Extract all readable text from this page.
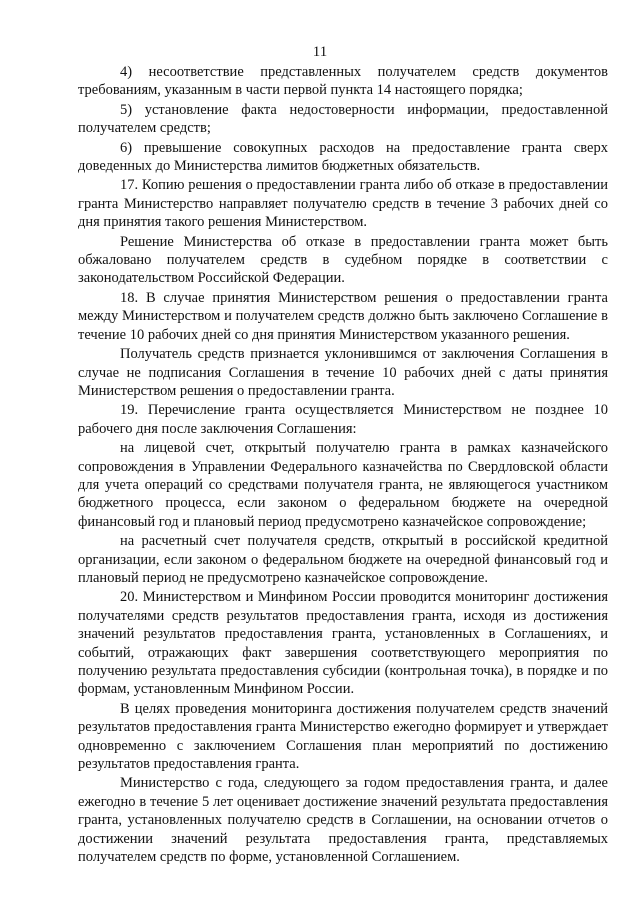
11

4) несоответствие представленных получателем средств документов требованиям, указанным в части первой пункта 14 настоящего порядка;

5) установление факта недостоверности информации, предоставленной получателем средств;

6) превышение совокупных расходов на предоставление гранта сверх доведенных до Министерства лимитов бюджетных обязательств.

17. Копию решения о предоставлении гранта либо об отказе в предоставлении гранта Министерство направляет получателю средств в течение 3 рабочих дней со дня принятия такого решения Министерством.

Решение Министерства об отказе в предоставлении гранта может быть обжаловано получателем средств в судебном порядке в соответствии с законодательством Российской Федерации.

18. В случае принятия Министерством решения о предоставлении гранта между Министерством и получателем средств должно быть заключено Соглашение в течение 10 рабочих дней со дня принятия Министерством указанного решения.

Получатель средств признается уклонившимся от заключения Соглашения в случае не подписания Соглашения в течение 10 рабочих дней с даты принятия Министерством решения о предоставлении гранта.

19. Перечисление гранта осуществляется Министерством не позднее 10 рабочего дня после заключения Соглашения:

на лицевой счет, открытый получателю гранта в рамках казначейского сопровождения в Управлении Федерального казначейства по Свердловской области для учета операций со средствами получателя гранта, не являющегося участником бюджетного процесса, если законом о федеральном бюджете на очередной финансовый год и плановый период предусмотрено казначейское сопровождение;

на расчетный счет получателя средств, открытый в российской кредитной организации, если законом о федеральном бюджете на очередной финансовый год и плановый период не предусмотрено казначейское сопровождение.

20. Министерством и Минфином России проводится мониторинг достижения получателями средств результатов предоставления гранта, исходя из достижения значений результатов предоставления гранта, установленных в Соглашениях, и событий, отражающих факт завершения соответствующего мероприятия по получению результата предоставления субсидии (контрольная точка), в порядке и по формам, установленным Минфином России.

В целях проведения мониторинга достижения получателем средств значений результатов предоставления гранта Министерство ежегодно формирует и утверждает одновременно с заключением Соглашения план мероприятий по достижению результатов предоставления гранта.

Министерство с года, следующего за годом предоставления гранта, и далее ежегодно в течение 5 лет оценивает достижение значений результата предоставления гранта, установленных получателю средств в Соглашении, на основании отчетов о достижении значений результата предоставления гранта, представляемых получателем средств по форме, установленной Соглашением.
